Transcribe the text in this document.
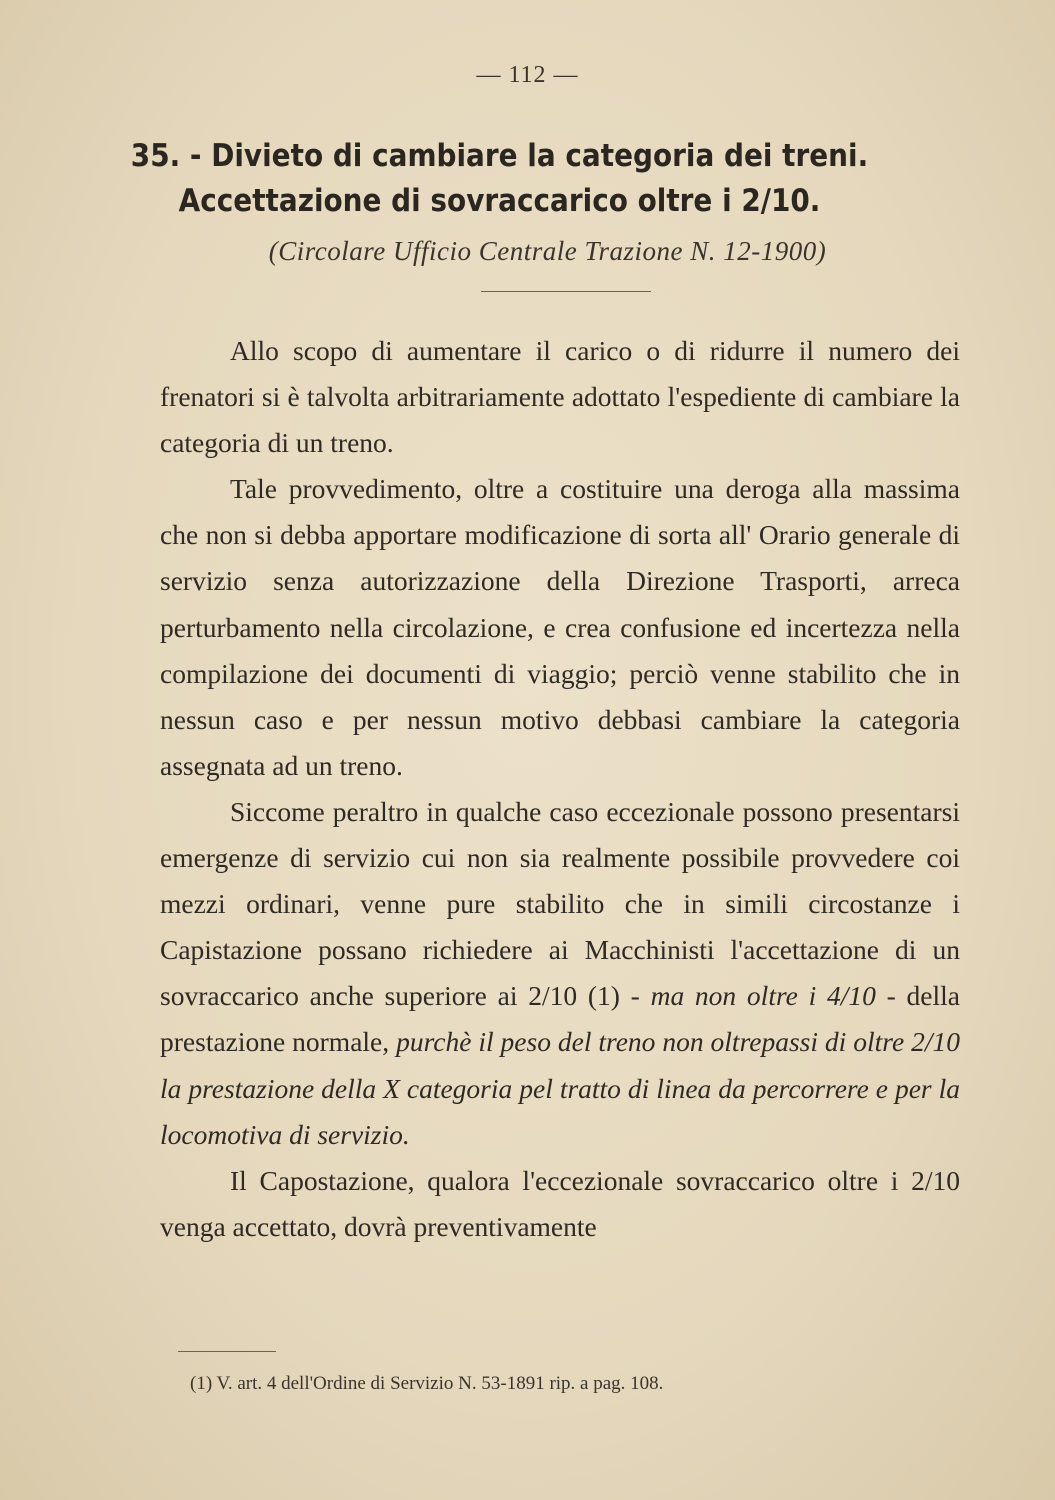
— 112 —
35. - Divieto di cambiare la categoria dei treni.
Accettazione di sovraccarico oltre i 2/10.
(Circolare Ufficio Centrale Trazione N. 12-1900)

Allo scopo di aumentare il carico o di ridurre il numero dei frenatori si è talvolta arbitrariamente adottato l'espediente di cambiare la categoria di un treno.

Tale provvedimento, oltre a costituire una deroga alla massima che non si debba apportare modificazione di sorta all' Orario generale di servizio senza autorizzazione della Direzione Trasporti, arreca perturbamento nella circolazione, e crea confusione ed incertezza nella compilazione dei documenti di viaggio; perciò venne stabilito che in nessun caso e per nessun motivo debbasi cambiare la categoria assegnata ad un treno.

Siccome peraltro in qualche caso eccezionale possono presentarsi emergenze di servizio cui non sia realmente possibile provvedere coi mezzi ordinari, venne pure stabilito che in simili circostanze i Capistazione possano richiedere ai Macchinisti l'accettazione di un sovraccarico anche superiore ai 2/10 (1) - ma non oltre i 4/10 - della prestazione normale, purchè il peso del treno non oltrepassi di oltre 2/10 la prestazione della X categoria pel tratto di linea da percorrere e per la locomotiva di servizio.

Il Capostazione, qualora l'eccezionale sovraccarico oltre i 2/10 venga accettato, dovrà preventivamente

(1) V. art. 4 dell'Ordine di Servizio N. 53-1891 rip. a pag. 108.
